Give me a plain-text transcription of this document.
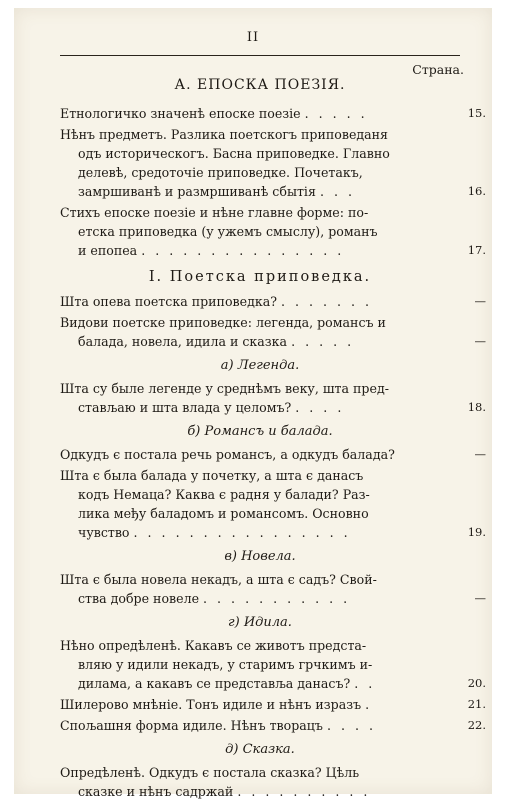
II
Страна.
А. ЕПОСКА ПОЕЗІЯ.
Етнологичко значенѣ епоске поезіе . . . . .	15.
Нѣнъ предметъ. Разлика поетскогъ приповеданя
одъ историческогъ. Басна приповедке. Главно
делевѣ, средоточіе приповедке. Почетакъ,
замршиванѣ и размршиванѣ сбытія . . .	16.
Стихъ епоске поезіе и нѣне главне форме: по-
етска приповедка (у ужемъ смыслу), романъ
и епопеа . . . . . . . . . . . . . . .	17.
I. Поетска приповедка.
Шта опева поетска приповедка? . . . . . . .	—
Видови поетске приповедке: легенда, романсъ и
балада, новела, идила и сказка . . . . .	—
а) Легенда.
Шта су быле легенде у среднѣмъ веку, шта пред-
стављаю и шта влада у целомъ? . . . .	18.
б) Романсъ и балада.
Одкудъ є постала речь романсъ, а одкудъ балада?	—
Шта є была балада у почетку, а шта є данасъ
кодъ Немаца? Каква є радня у балади? Раз-
лика међу баладомъ и романсомъ. Основно
чувство . . . . . . . . . . . . . . . .	19.
в) Новела.
Шта є была новела некадъ, а шта є садъ? Свой-
ства добре новеле . . . . . . . . . . .	—
г) Идила.
Нѣно опредѣленѣ. Какавъ се животъ предста-
вляю у идили некадъ, у старимъ грчкимъ и-
дилама, а какавъ се представља данасъ? . .	20.
Шилерово мнѣніе. Тонъ идиле и нѣнъ изразъ .	21.
Спољашня форма идиле. Нѣнъ творацъ . . . .	22.
д) Сказка.
Опредѣленѣ. Одкудъ є постала сказка? Цѣль
сказке и нѣнъ садржай . . . . . . . . . .
